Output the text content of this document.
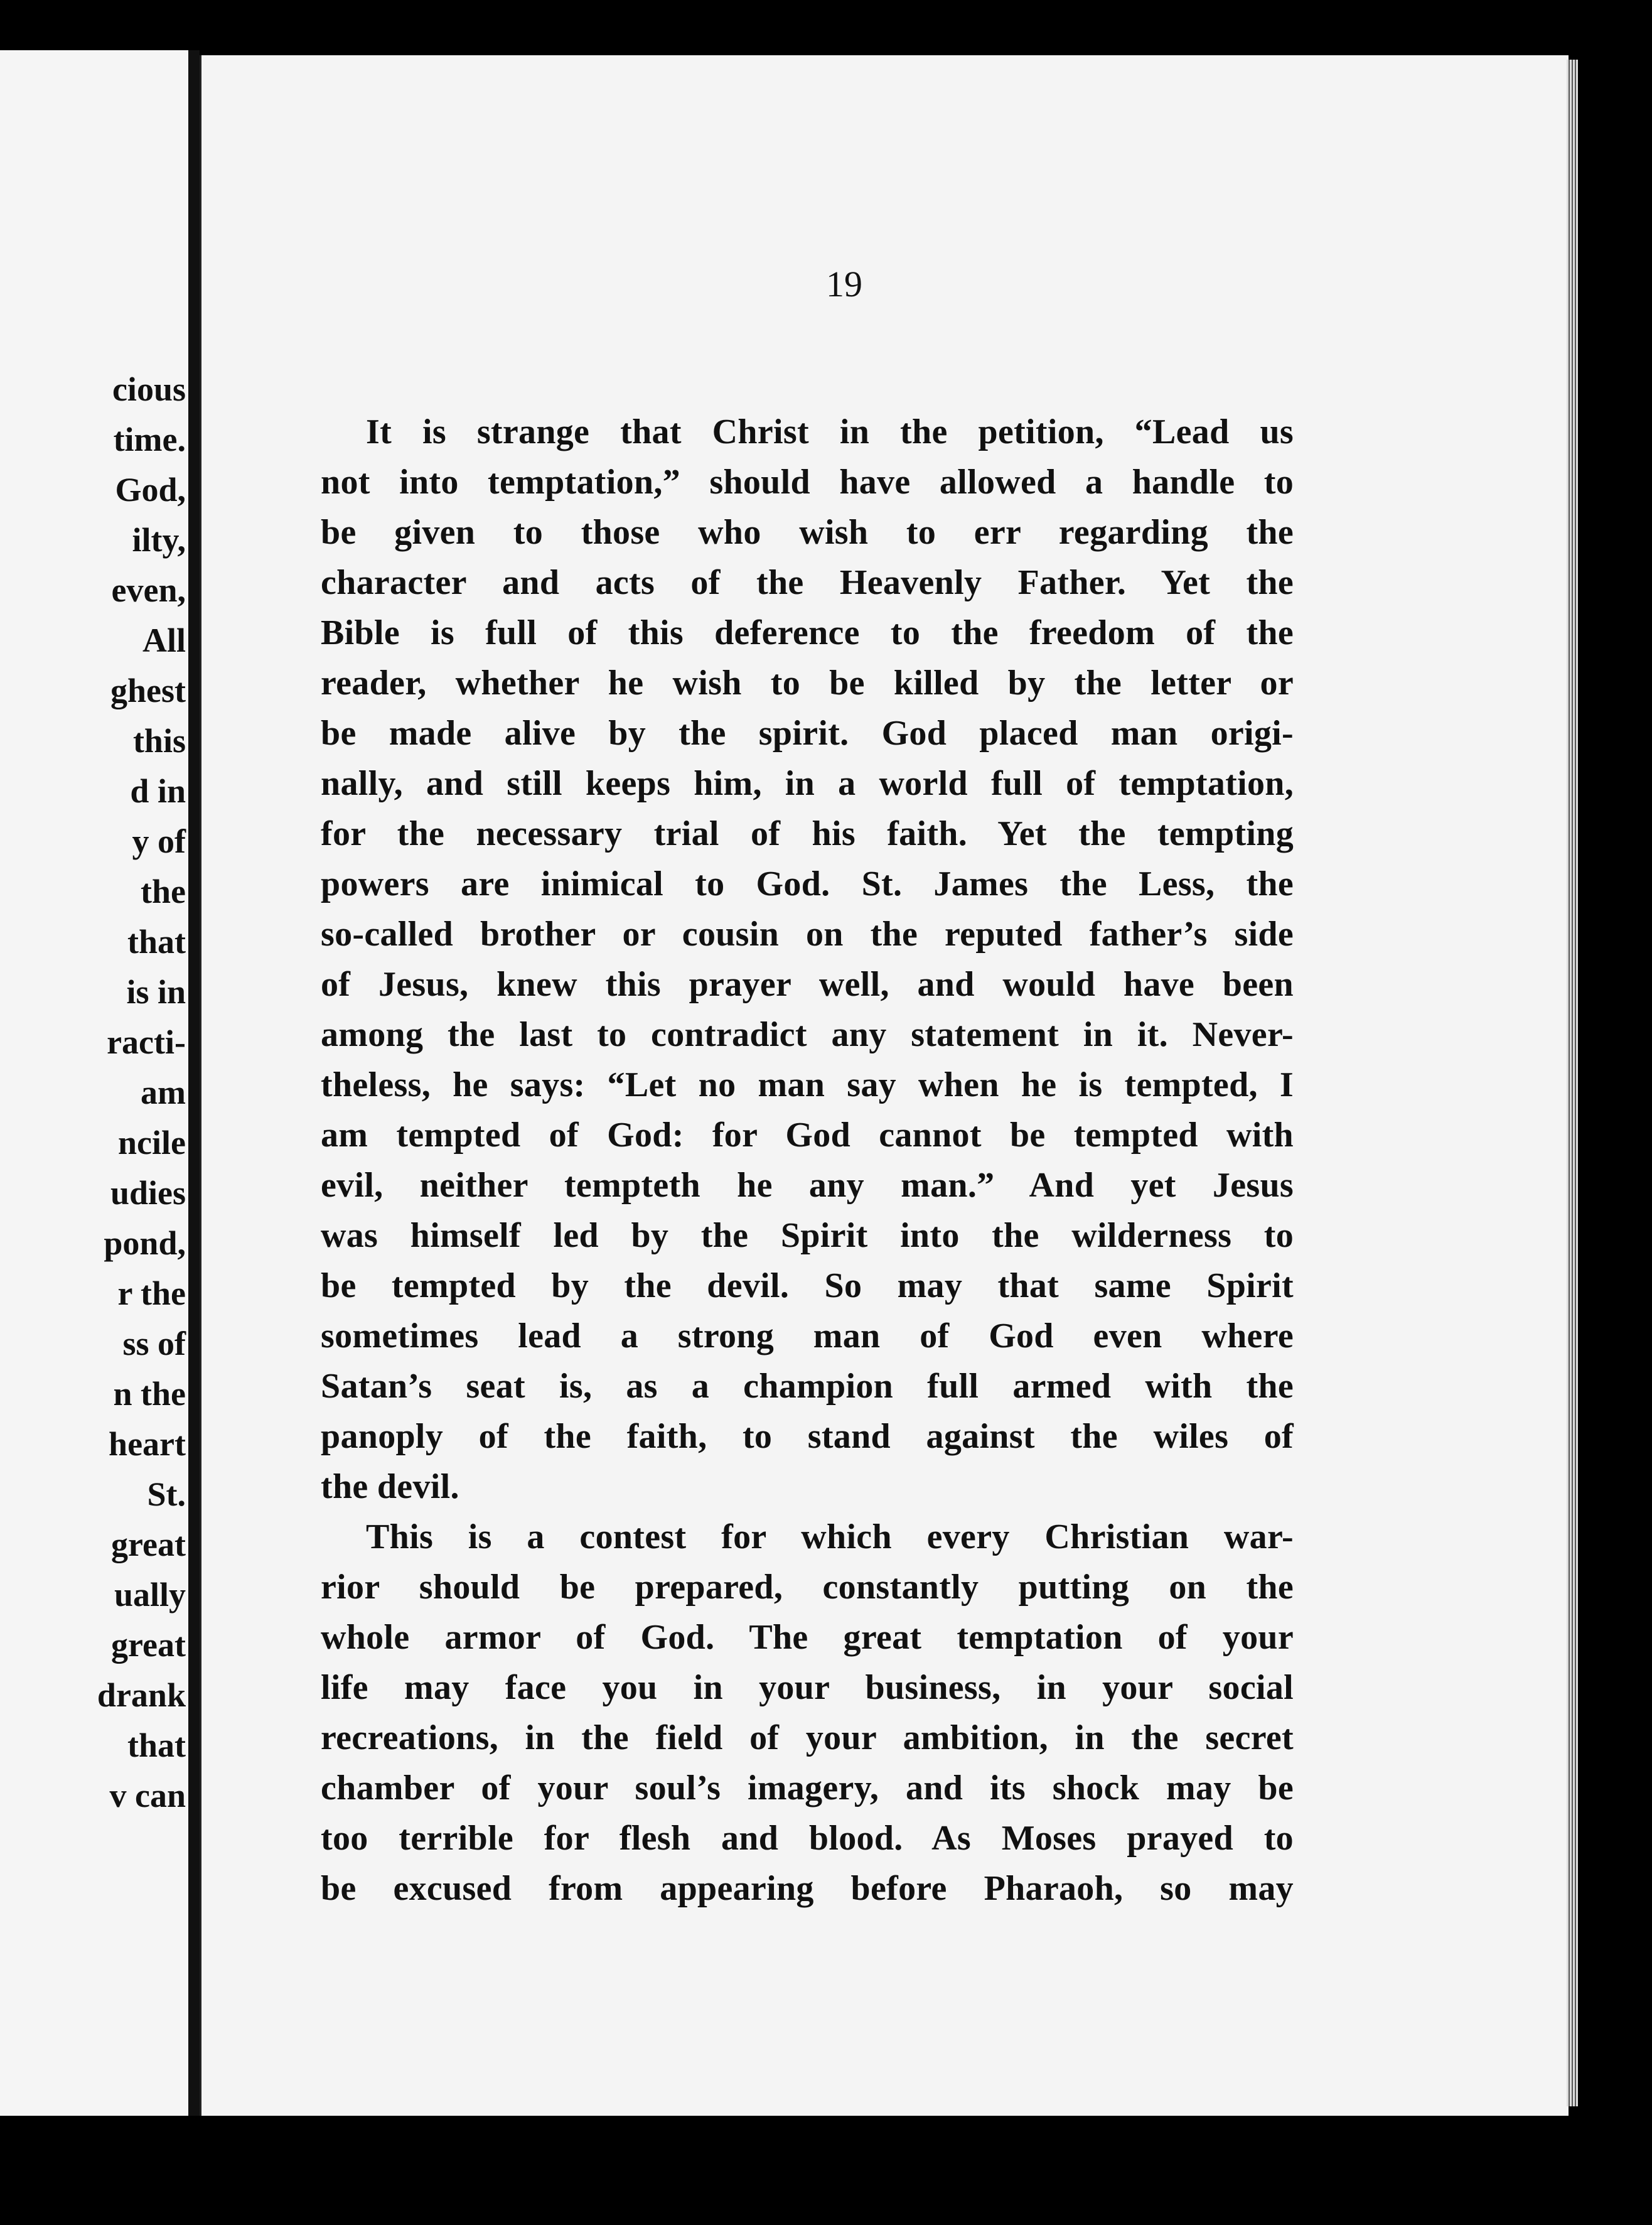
cious
time.
God,
ilty,
even,
All
ghest
this
d in
y of
the
that
is in
racti-
am
ncile
udies
pond,
r the
ss of
n the
heart
St.
great
ually
great
drank
that
v can
19
It is strange that Christ in the petition, “Lead us
not into temptation,” should have allowed a handle to
be given to those who wish to err regarding the
character and acts of the Heavenly Father. Yet the
Bible is full of this deference to the freedom of the
reader, whether he wish to be killed by the letter or
be made alive by the spirit. God placed man origi-
nally, and still keeps him, in a world full of temptation,
for the necessary trial of his faith. Yet the tempting
powers are inimical to God. St. James the Less, the
so-called brother or cousin on the reputed father’s side
of Jesus, knew this prayer well, and would have been
among the last to contradict any statement in it. Never-
theless, he says: “Let no man say when he is tempted, I
am tempted of God: for God cannot be tempted with
evil, neither tempteth he any man.” And yet Jesus
was himself led by the Spirit into the wilderness to
be tempted by the devil. So may that same Spirit
sometimes lead a strong man of God even where
Satan’s seat is, as a champion full armed with the
panoply of the faith, to stand against the wiles of
the devil.
This is a contest for which every Christian war-
rior should be prepared, constantly putting on the
whole armor of God. The great temptation of your
life may face you in your business, in your social
recreations, in the field of your ambition, in the secret
chamber of your soul’s imagery, and its shock may be
too terrible for flesh and blood. As Moses prayed to
be excused from appearing before Pharaoh, so may
